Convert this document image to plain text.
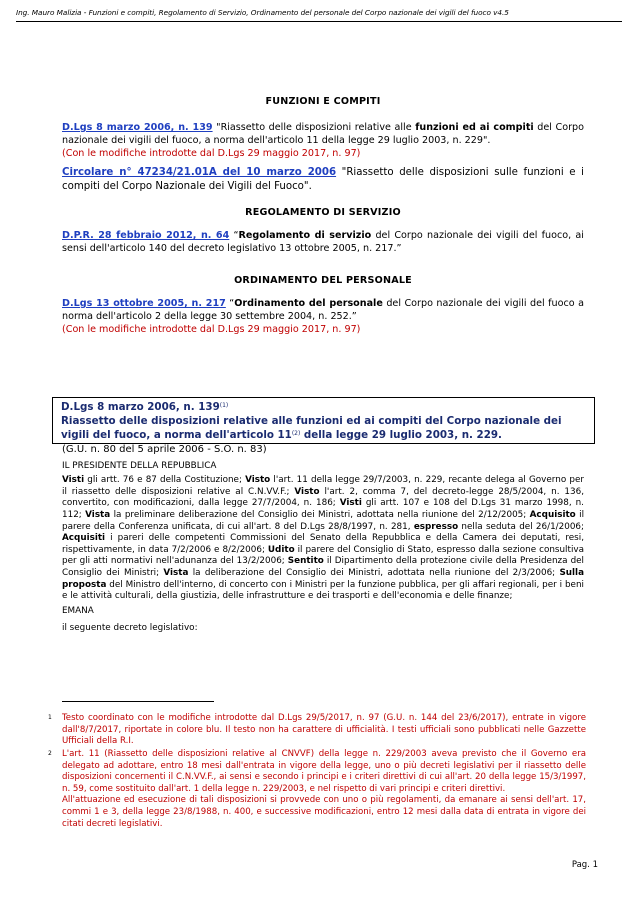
Ing. Mauro Malizia - Funzioni e compiti, Regolamento di Servizio, Ordinamento del personale del Corpo nazionale dei vigili del fuoco v4.5
FUNZIONI E COMPITI
D.Lgs 8 marzo 2006, n. 139 "Riassetto delle disposizioni relative alle funzioni ed ai compiti del Corpo nazionale dei vigili del fuoco, a norma dell'articolo 11 della legge 29 luglio 2003, n. 229".
(Con le modifiche introdotte dal D.Lgs 29 maggio 2017, n. 97)
Circolare n° 47234/21.01A del 10 marzo 2006 "Riassetto delle disposizioni sulle funzioni e i compiti del Corpo Nazionale dei Vigili del Fuoco".
REGOLAMENTO DI SERVIZIO
D.P.R. 28 febbraio 2012, n. 64 “Regolamento di servizio del Corpo nazionale dei vigili del fuoco, ai sensi dell'articolo 140 del decreto legislativo 13 ottobre 2005, n. 217.”
ORDINAMENTO DEL PERSONALE
D.Lgs 13 ottobre 2005, n. 217 “Ordinamento del personale del Corpo nazionale dei vigili del fuoco a norma dell'articolo 2 della legge 30 settembre 2004, n. 252.”
(Con le modifiche introdotte dal D.Lgs 29 maggio 2017, n. 97)
D.Lgs 8 marzo 2006, n. 139$^{(1)}$
Riassetto delle disposizioni relative alle funzioni ed ai compiti del Corpo nazionale dei vigili del fuoco, a norma dell'articolo 11$^{(2)}$ della legge 29 luglio 2003, n. 229.
(G.U. n. 80 del 5 aprile 2006 - S.O. n. 83)
IL PRESIDENTE DELLA REPUBBLICA
Visti gli artt. 76 e 87 della Costituzione; Visto l'art. 11 della legge 29/7/2003, n. 229, recante delega al Governo per il riassetto delle disposizioni relative al C.N.VV.F.; Visto l'art. 2, comma 7, del decreto-legge 28/5/2004, n. 136, convertito, con modificazioni, dalla legge 27/7/2004, n. 186; Visti gli artt. 107 e 108 del D.Lgs 31 marzo 1998, n. 112; Vista la preliminare deliberazione del Consiglio dei Ministri, adottata nella riunione del 2/12/2005; Acquisito il parere della Conferenza unificata, di cui all'art. 8 del D.Lgs 28/8/1997, n. 281, espresso nella seduta del 26/1/2006; Acquisiti i pareri delle competenti Commissioni del Senato della Repubblica e della Camera dei deputati, resi, rispettivamente, in data 7/2/2006 e 8/2/2006; Udito il parere del Consiglio di Stato, espresso dalla sezione consultiva per gli atti normativi nell'adunanza del 13/2/2006; Sentito il Dipartimento della protezione civile della Presidenza del Consiglio dei Ministri; Vista la deliberazione del Consiglio dei Ministri, adottata nella riunione del 2/3/2006; Sulla proposta del Ministro dell'interno, di concerto con i Ministri per la funzione pubblica, per gli affari regionali, per i beni e le attività culturali, della giustizia, delle infrastrutture e dei trasporti e dell'economia e delle finanze;
EMANA
il seguente decreto legislativo:
1 Testo coordinato con le modifiche introdotte dal D.Lgs 29/5/2017, n. 97 (G.U. n. 144 del 23/6/2017), entrate in vigore dall'8/7/2017, riportate in colore blu. Il testo non ha carattere di ufficialità. I testi ufficiali sono pubblicati nelle Gazzette Ufficiali della R.I.
2 L'art. 11 (Riassetto delle disposizioni relative al CNVVF) della legge n. 229/2003 aveva previsto che il Governo era delegato ad adottare, entro 18 mesi dall'entrata in vigore della legge, uno o più decreti legislativi per il riassetto delle disposizioni concernenti il C.N.VV.F., ai sensi e secondo i principi e i criteri direttivi di cui all'art. 20 della legge 15/3/1997, n. 59, come sostituito dall'art. 1 della legge n. 229/2003, e nel rispetto di vari principi e criteri direttivi.
All'attuazione ed esecuzione di tali disposizioni si provvede con uno o più regolamenti, da emanare ai sensi dell'art. 17, commi 1 e 3, della legge 23/8/1988, n. 400, e successive modificazioni, entro 12 mesi dalla data di entrata in vigore dei citati decreti legislativi.
Pag. 1
